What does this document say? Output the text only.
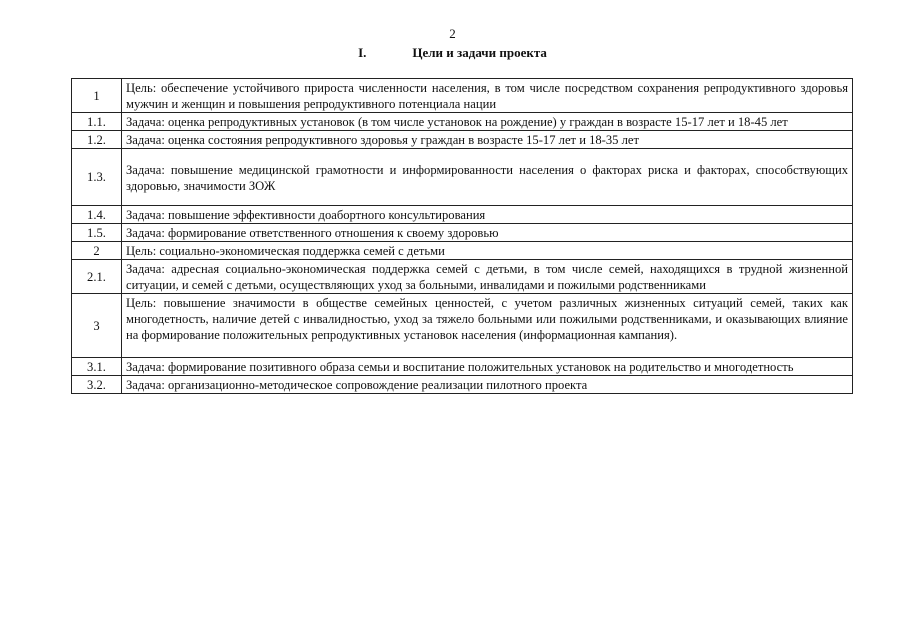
2
I.	Цели и задачи проекта
1	Цель: обеспечение устойчивого прироста численности населения, в том числе посредством сохранения репродуктивного здоровья мужчин и женщин и повышения репродуктивного потенциала нации
1.1.	Задача: оценка репродуктивных установок (в том числе установок на рождение) у граждан в возрасте 15-17 лет и 18-45 лет
1.2.	Задача: оценка состояния репродуктивного здоровья у граждан в возрасте 15-17 лет и 18-35 лет
1.3.	Задача: повышение медицинской грамотности и информированности населения о факторах риска и факторах, способствующих здоровью, значимости ЗОЖ
1.4.	Задача: повышение эффективности доабортного консультирования
1.5.	Задача: формирование ответственного отношения к своему здоровью
2	Цель: социально-экономическая поддержка семей с детьми
2.1.	Задача: адресная социально-экономическая поддержка семей с детьми, в том числе семей, находящихся в трудной жизненной ситуации, и семей с детьми, осуществляющих уход за больными, инвалидами и пожилыми родственниками
3	Цель: повышение значимости в обществе семейных ценностей, с учетом различных жизненных ситуаций семей, таких как многодетность, наличие детей с инвалидностью, уход за тяжело больными или пожилыми родственниками, и оказывающих влияние на формирование положительных репродуктивных установок населения (информационная кампания).
3.1.	Задача: формирование позитивного образа семьи и воспитание положительных установок на родительство и многодетность
3.2.	Задача: организационно-методическое сопровождение реализации пилотного проекта
